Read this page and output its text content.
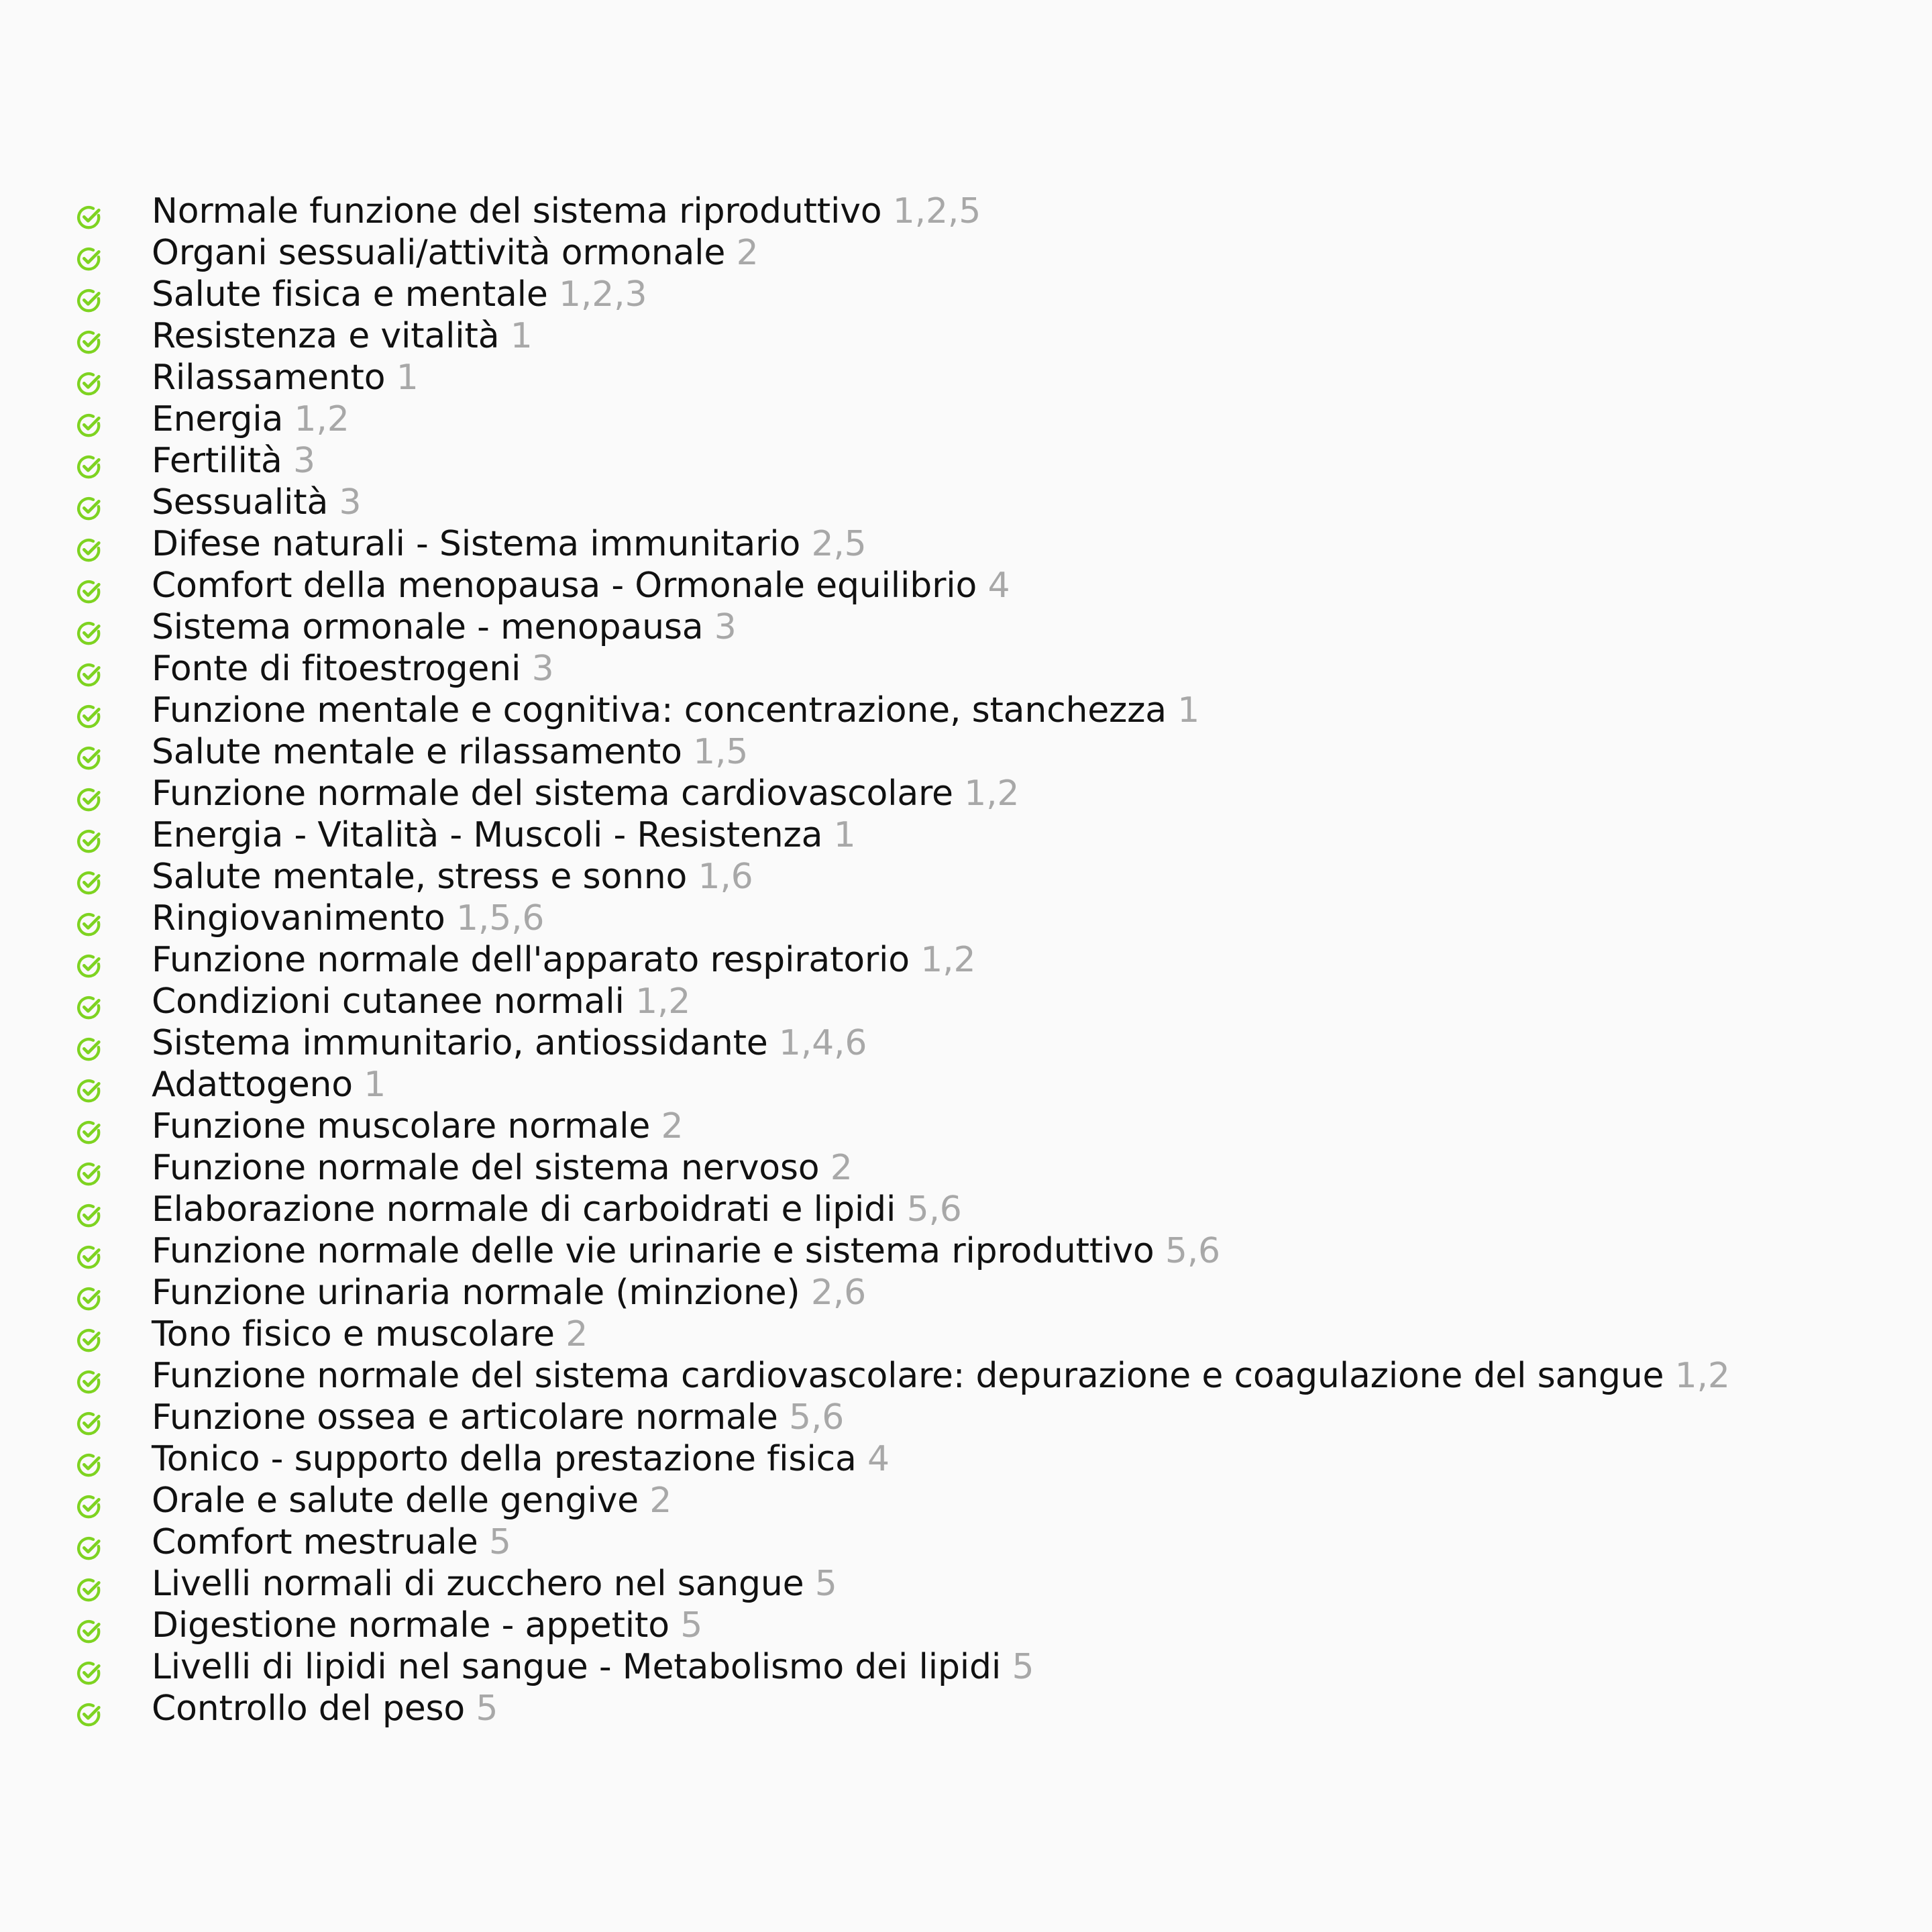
Normale funzione del sistema riproduttivo 1,2,5
Organi sessuali/attività ormonale 2
Salute fisica e mentale 1,2,3
Resistenza e vitalità 1
Rilassamento 1
Energia 1,2
Fertilità 3
Sessualità 3
Difese naturali - Sistema immunitario 2,5
Comfort della menopausa - Ormonale equilibrio 4
Sistema ormonale - menopausa 3
Fonte di fitoestrogeni 3
Funzione mentale e cognitiva: concentrazione, stanchezza 1
Salute mentale e rilassamento 1,5
Funzione normale del sistema cardiovascolare 1,2
Energia - Vitalità - Muscoli - Resistenza 1
Salute mentale, stress e sonno 1,6
Ringiovanimento 1,5,6
Funzione normale dell'apparato respiratorio 1,2
Condizioni cutanee normali 1,2
Sistema immunitario, antiossidante 1,4,6
Adattogeno 1
Funzione muscolare normale 2
Funzione normale del sistema nervoso 2
Elaborazione normale di carboidrati e lipidi 5,6
Funzione normale delle vie urinarie e sistema riproduttivo 5,6
Funzione urinaria normale (minzione) 2,6
Tono fisico e muscolare 2
Funzione normale del sistema cardiovascolare: depurazione e coagulazione del sangue 1,2
Funzione ossea e articolare normale 5,6
Tonico - supporto della prestazione fisica 4
Orale e salute delle gengive 2
Comfort mestruale 5
Livelli normali di zucchero nel sangue 5
Digestione normale - appetito 5
Livelli di lipidi nel sangue - Metabolismo dei lipidi 5
Controllo del peso 5
